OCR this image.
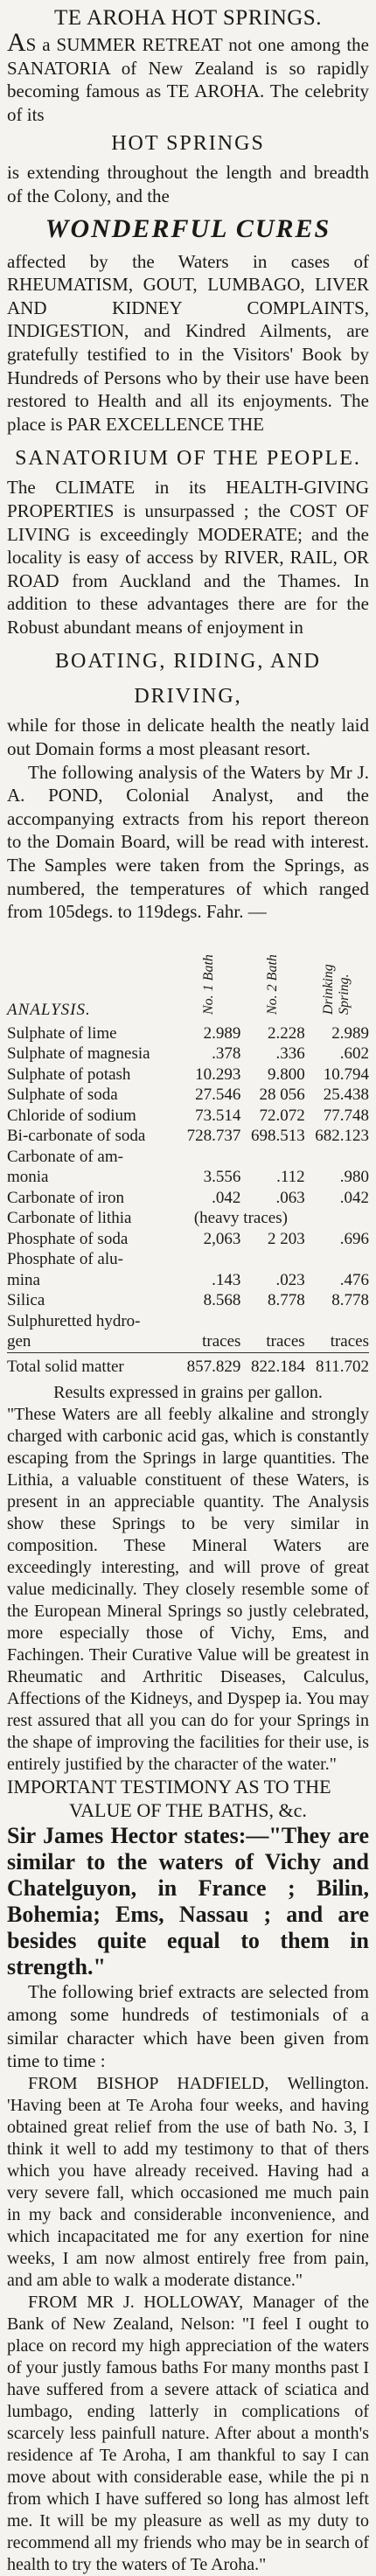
TE AROHA HOT SPRINGS.

AS a SUMMER RETREAT not one among the SANATORIA of New Zealand is so rapidly becoming famous as TE AROHA. The celebrity of its

HOT SPRINGS

is extending throughout the length and breadth of the Colony, and the

WONDERFUL CURES

affected by the Waters in cases of RHEUMATISM, GOUT, LUMBAGO, LIVER AND KIDNEY COMPLAINTS, INDIGESTION, and Kindred Ailments, are gratefully testified to in the Visitors' Book by Hundreds of Persons who by their use have been restored to Health and all its enjoyments. The place is PAR EXCELLENCE THE

SANATORIUM OF THE PEOPLE.

The CLIMATE in its HEALTH-GIVING PROPERTIES is unsurpassed ; the COST OF LIVING is exceedingly MODERATE; and the locality is easy of access by RIVER, RAIL, OR ROAD from Auckland and the Thames. In addition to these advantages there are for the Robust abundant means of enjoyment in

BOATING, RIDING, AND DRIVING,

while for those in delicate health the neatly laid out Domain forms a most pleasant resort.

The following analysis of the Waters by Mr J. A. POND, Colonial Analyst, and the accompanying extracts from his report thereon to the Domain Board, will be read with interest. The Samples were taken from the Springs, as numbered, the temperatures of which ranged from 105degs. to 119degs. Fahr. —

ANALYSIS.	No. 1 Bath	No. 2 Bath	Drinking Spring.
Sulphate of lime	2.989	2.228	2.989
Sulphate of magnesia	.378	.336	.602
Sulphate of potash	10.293	9.800	10.794
Sulphate of soda	27.546	28 056	25.438
Chloride of sodium	73.514	72.072	77.748
Bi-carbonate of soda	728.737	698.513	682.123
Carbonate of am-			
monia	3.556	.112	.980
Carbonate of iron	.042	.063	.042
Carbonate of lithia	(heavy traces)		
Phosphate of soda	2,063	2 203	.696
Phosphate of alu-			
mina	.143	.023	.476
Silica	8.568	8.778	8.778
Sulphuretted hydro-			
gen	traces	traces	traces
Total solid matter	857.829	822.184	811.702

Results expressed in grains per gallon.

"These Waters are all feebly alkaline and strongly charged with carbonic acid gas, which is constantly escaping from the Springs in large quantities. The Lithia, a valuable constituent of these Waters, is present in an appreciable quantity. The Analysis show these Springs to be very similar in composition. These Mineral Waters are exceedingly interesting, and will prove of great value medicinally. They closely resemble some of the European Mineral Springs so justly celebrated, more especially those of Vichy, Ems, and Fachingen. Their Curative Value will be greatest in Rheumatic and Arthritic Diseases, Calculus, Affections of the Kidneys, and Dyspep ia. You may rest assured that all you can do for your Springs in the shape of improving the facilities for their use, is entirely justified by the character of the water."

IMPORTANT TESTIMONY AS TO THE

VALUE OF THE BATHS, &c.

Sir James Hector states:—"They are similar to the waters of Vichy and Chatelguyon, in France ; Bilin, Bohemia; Ems, Nassau ; and are besides quite equal to them in strength."

The following brief extracts are selected from among some hundreds of testimonials of a similar character which have been given from time to time :

FROM BISHOP HADFIELD, Wellington. 'Having been at Te Aroha four weeks, and having obtained great relief from the use of bath No. 3, I think it well to add my testimony to that of thers which you have already received. Having had a very severe fall, which occasioned me much pain in my back and considerable inconvenience, and which incapacitated me for any exertion for nine weeks, I am now almost entirely free from pain, and am able to walk a moderate distance."

FROM MR J. HOLLOWAY, Manager of the Bank of New Zealand, Nelson: "I feel I ought to place on record my high appreciation of the waters of your justly famous baths For many months past I have suffered from a severe attack of sciatica and lumbago, ending latterly in complications of scarcely less painfull nature. After about a month's residence af Te Aroha, I am thankful to say I can move about with considerable ease, while the pi n from which I have suffered so long has almost left me. It will be my pleasure as well as my duty to recommend all my friends who may be in search of health to try the waters of Te Aroha."
